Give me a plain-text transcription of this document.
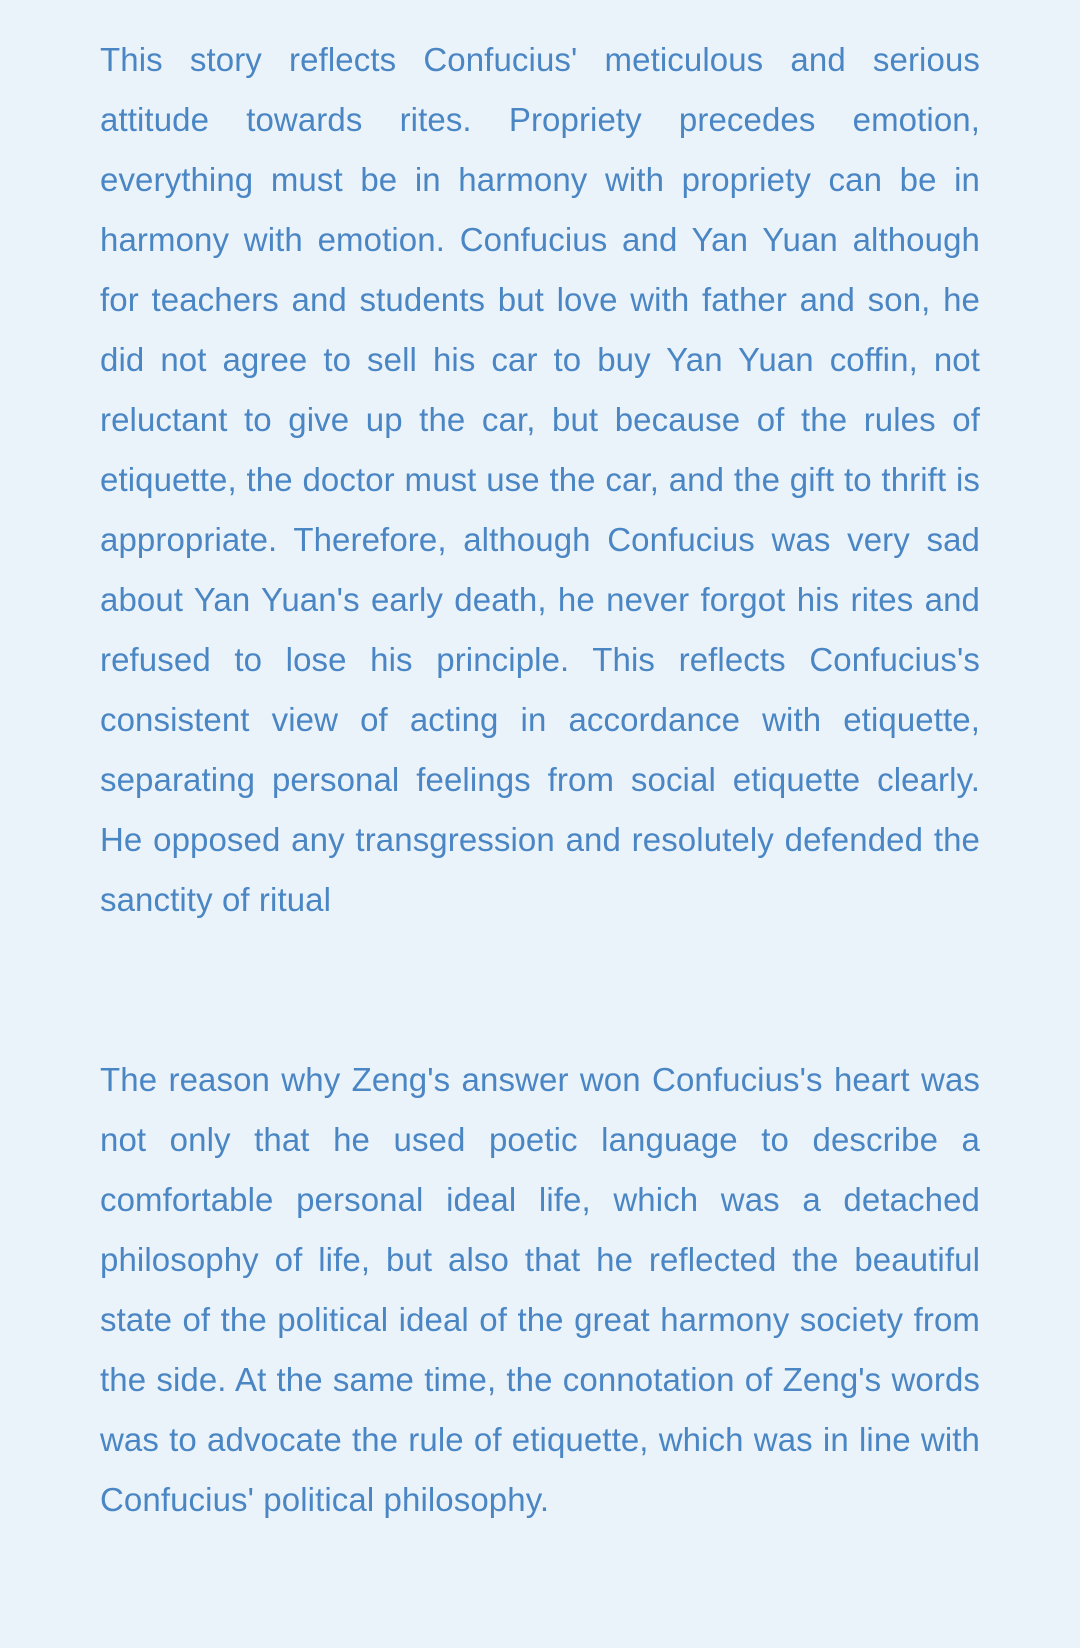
This story reflects Confucius' meticulous and serious attitude towards rites. Propriety precedes emotion, everything must be in harmony with propriety can be in harmony with emotion. Confucius and Yan Yuan although for teachers and students but love with father and son, he did not agree to sell his car to buy Yan Yuan coffin, not reluctant to give up the car, but because of the rules of etiquette, the doctor must use the car, and the gift to thrift is appropriate. Therefore, although Confucius was very sad about Yan Yuan's early death, he never forgot his rites and refused to lose his principle. This reflects Confucius's consistent view of acting in accordance with etiquette, separating personal feelings from social etiquette clearly. He opposed any transgression and resolutely defended the sanctity of ritual

The reason why Zeng's answer won Confucius's heart was not only that he used poetic language to describe a comfortable personal ideal life, which was a detached philosophy of life, but also that he reflected the beautiful state of the political ideal of the great harmony society from the side. At the same time, the connotation of Zeng's words was to advocate the rule of etiquette, which was in line with Confucius' political philosophy.
